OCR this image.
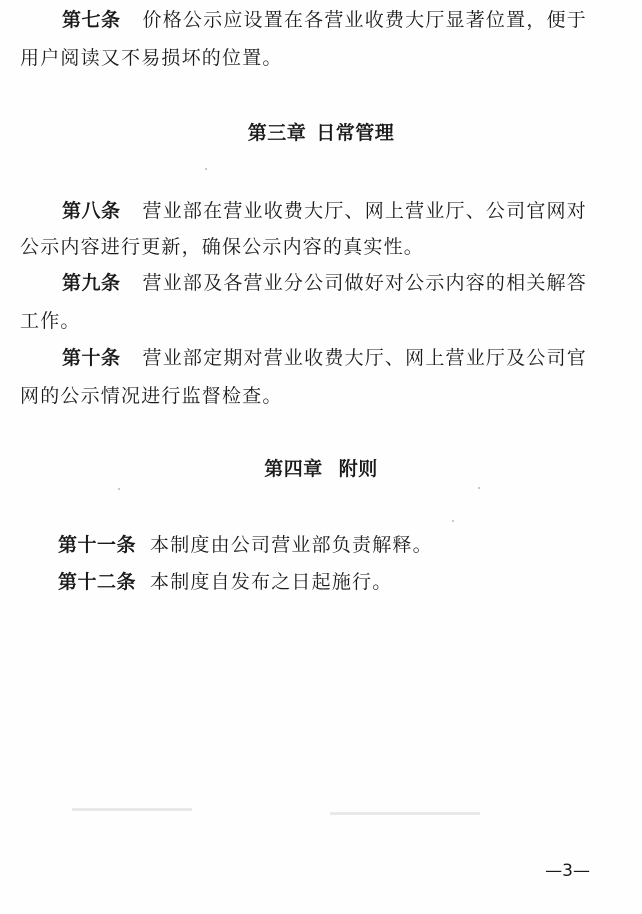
第七条 价格公示应设置在各营业收费大厅显著位置，便于
用户阅读又不易损坏的位置。
第三章 日常管理
第八条 营业部在营业收费大厅、网上营业厅、公司官网对
公示内容进行更新，确保公示内容的真实性。
第九条 营业部及各营业分公司做好对公示内容的相关解答
工作。
第十条 营业部定期对营业收费大厅、网上营业厅及公司官
网的公示情况进行监督检查。
第四章 附则
第十一条 本制度由公司营业部负责解释。
第十二条 本制度自发布之日起施行。
—3—
